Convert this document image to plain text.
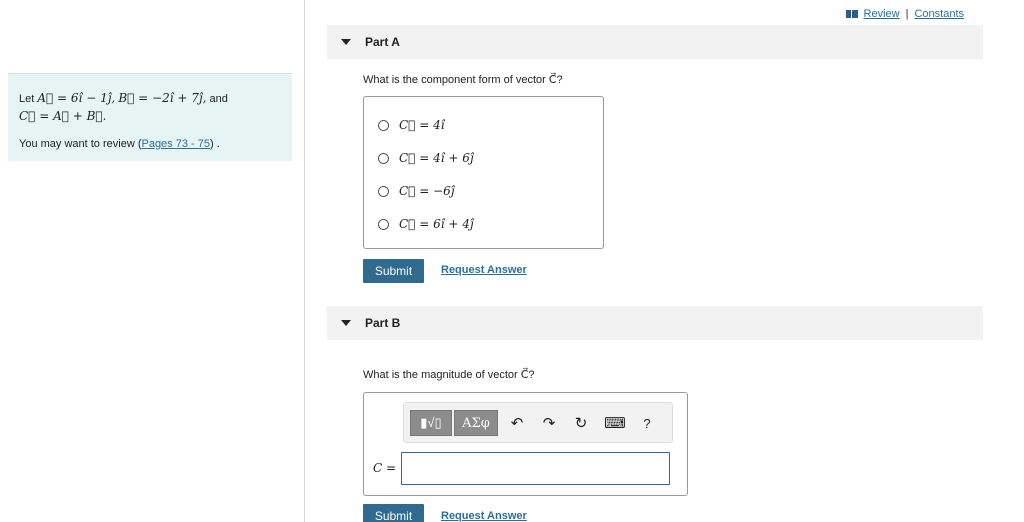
Let A⃗ = 6ı̂ − 1ȷ̂, B⃗ = −2ı̂ + 7ȷ̂, and
C⃗ = A⃗ + B⃗.
You may want to review (Pages 73 - 75) .
Review | Constants
Part A
What is the component form of vector C⃗?
C⃗ = 4ı̂
C⃗ = 4ı̂ + 6ȷ̂
C⃗ = −6ȷ̂
C⃗ = 6ı̂ + 4ȷ̂
Submit	Request Answer
Part B
What is the magnitude of vector C⃗?
▮√▯	ΑΣφ	↶ ↷ ↻ ⌨	?
C =
Submit	Request Answer
